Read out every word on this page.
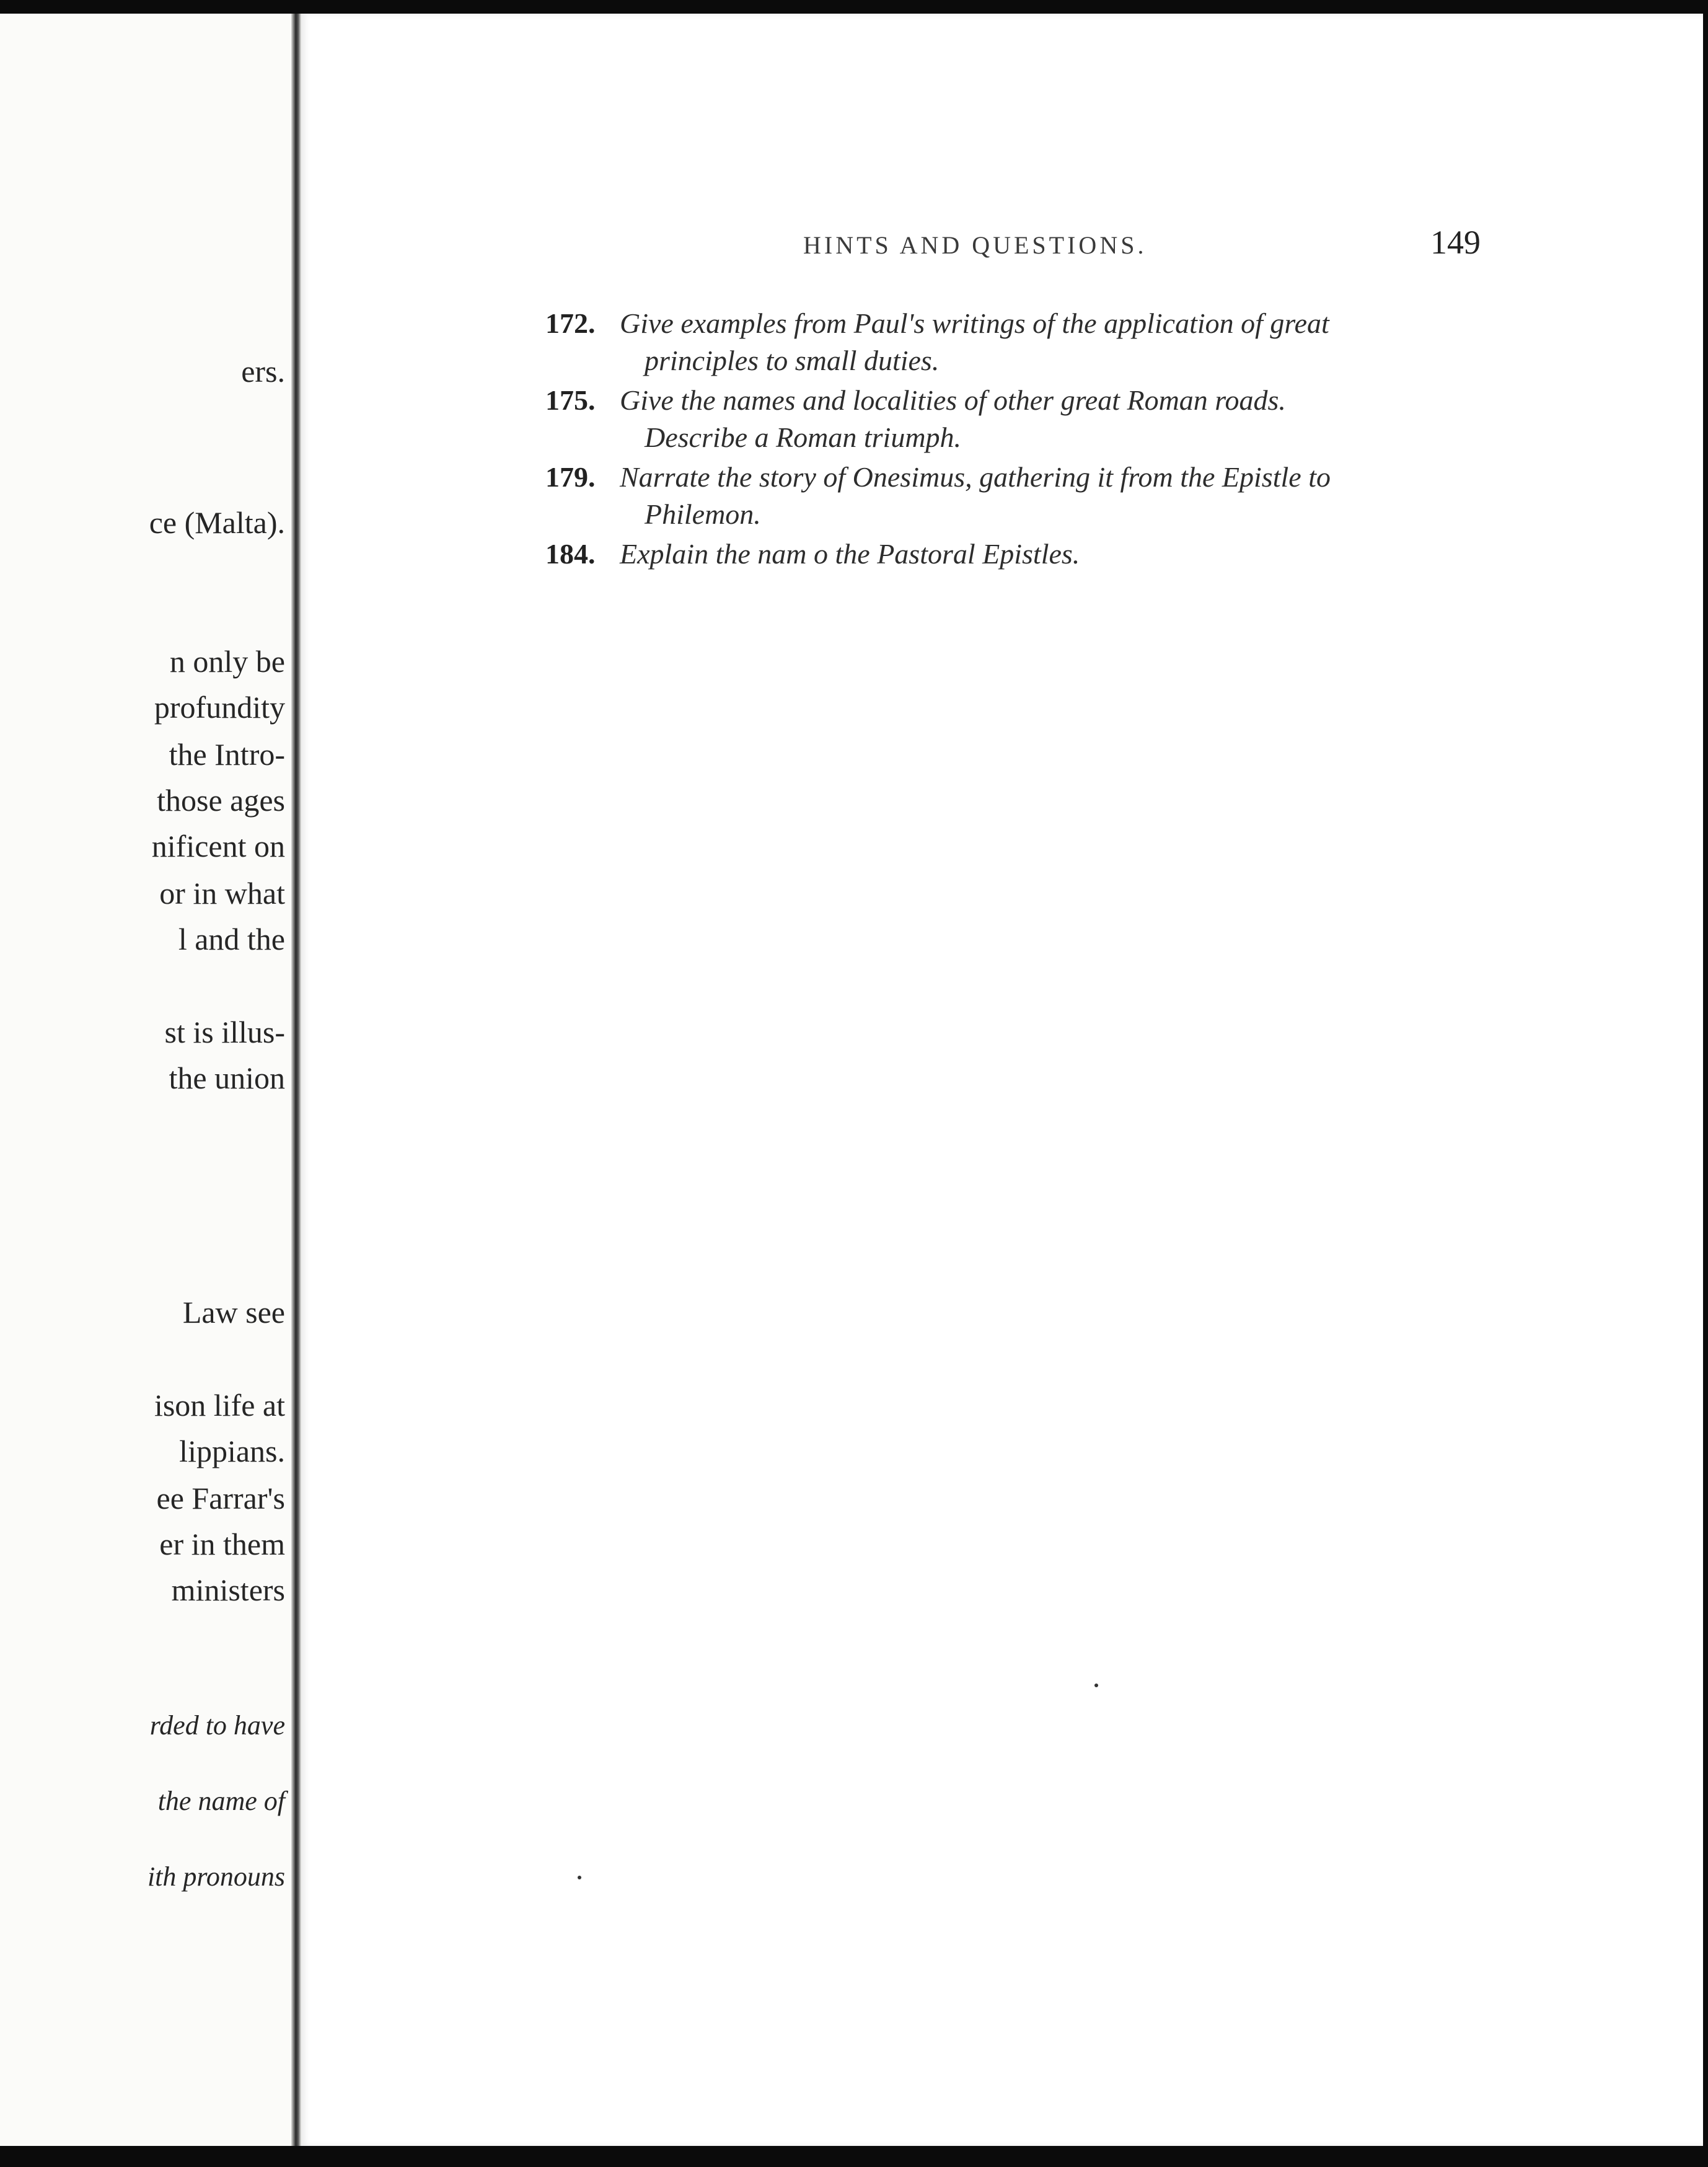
ers.
ce (Malta).
n only be
profundity
the Intro-
those ages
nificent on
or in what
l and the
st is illus-
the union
Law see
ison life at
lippians.
ee Farrar's
er in them
ministers
rded to have
the name of
ith pronouns
HINTS AND QUESTIONS.	149
172. Give examples from Paul's writings of the application of great
principles to small duties.
175. Give the names and localities of other great Roman roads.
Describe a Roman triumph.
179. Narrate the story of Onesimus, gathering it from the Epistle to
Philemon.
184. Explain the nam o the Pastoral Epistles.
